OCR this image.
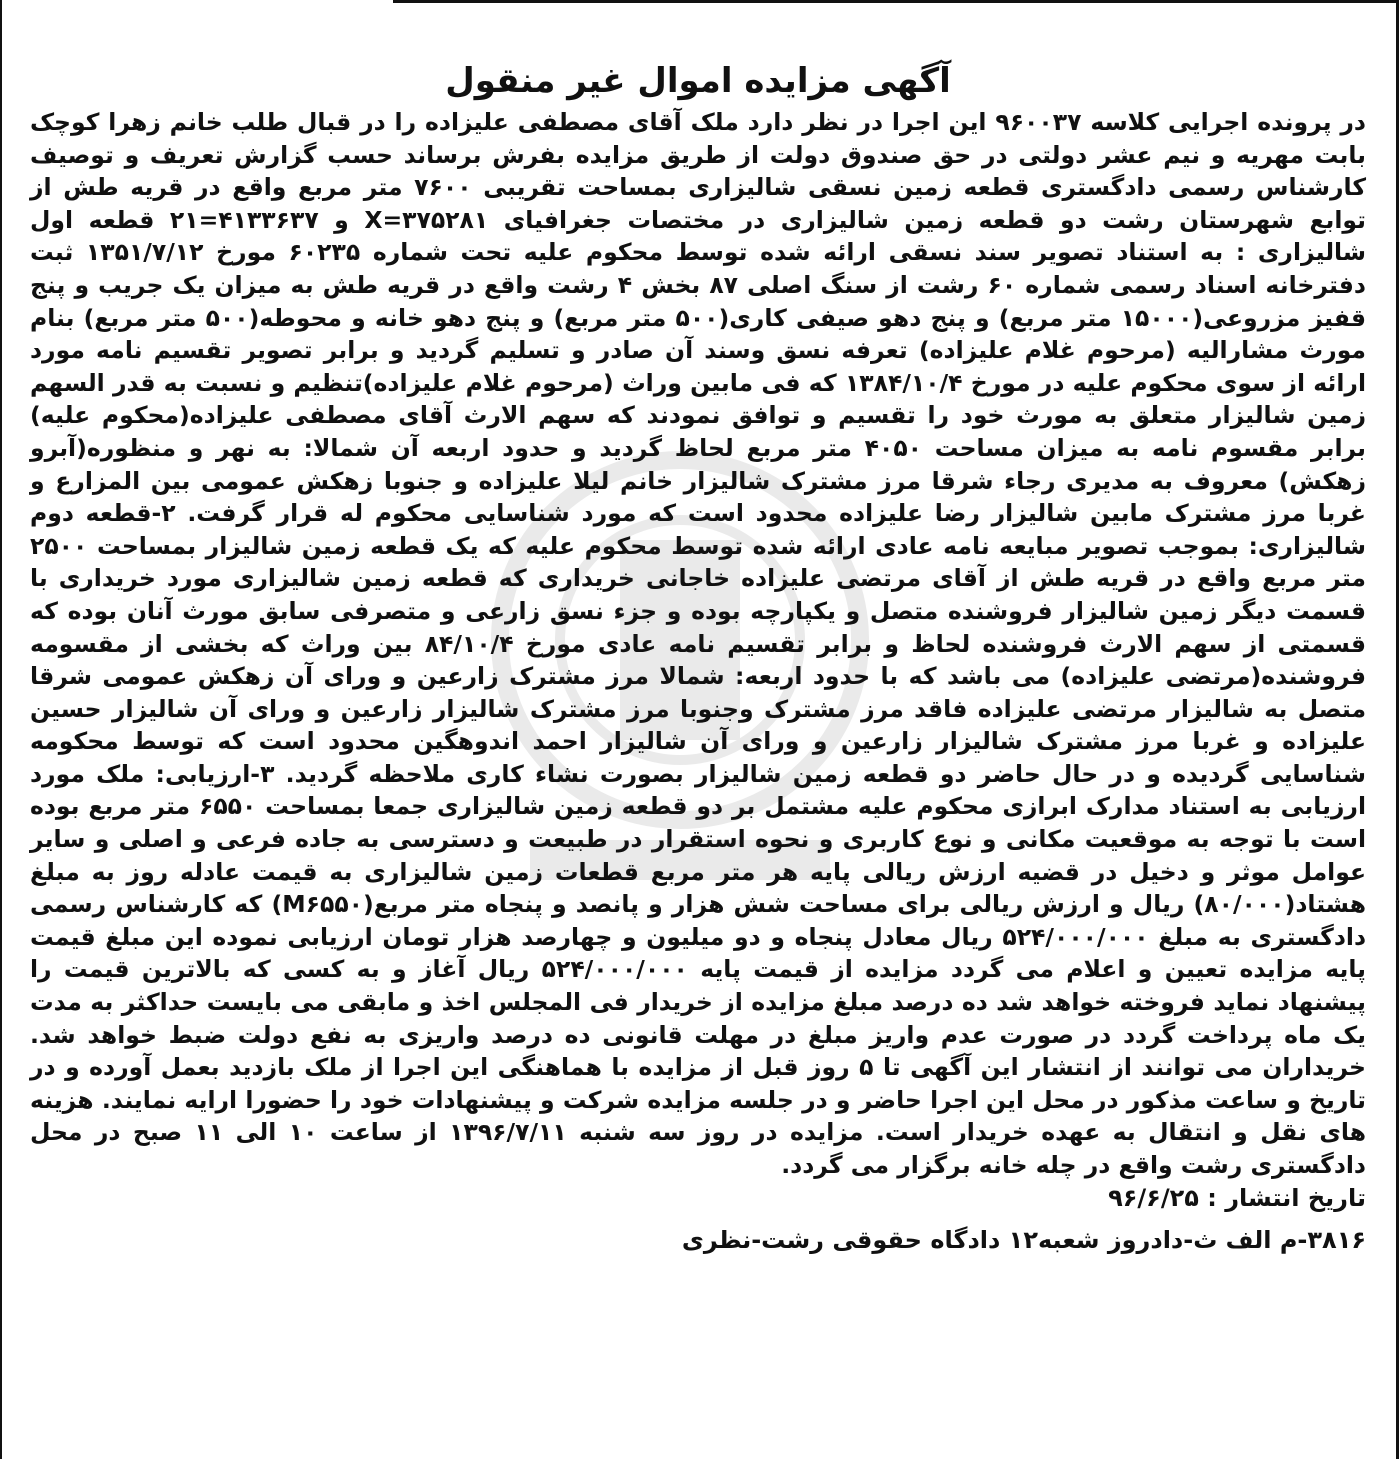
آگهی مزایده اموال غیر منقول

در پرونده اجرایی کلاسه ۹۶۰۰۳۷ این اجرا در نظر دارد ملک آقای مصطفی علیزاده را در قبال طلب خانم زهرا کوچک بابت مهریه و نیم عشر دولتی در حق صندوق دولت از طریق مزایده بفرش برساند حسب گزارش تعریف و توصیف کارشناس رسمی دادگستری قطعه زمین نسقی شالیزاری بمساحت تقریبی ۷۶۰۰ متر مربع واقع در قریه طش از توابع شهرستان رشت دو قطعه زمین شالیزاری در مختصات جغرافیای ۳۷۵۲۸۱=X و ۴۱۳۳۶۳۷=۲۱ قطعه اول شالیزاری : به استناد تصویر سند نسقی ارائه شده توسط محکوم علیه تحت شماره ۶۰۲۳۵ مورخ ۱۳۵۱/۷/۱۲ ثبت دفترخانه اسناد رسمی شماره ۶۰ رشت از سنگ اصلی ۸۷ بخش ۴ رشت واقع در قریه طش به میزان یک جریب و پنج قفیز مزروعی(۱۵۰۰۰ متر مربع) و پنج دهو صیفی کاری(۵۰۰ متر مربع) و پنج دهو خانه و محوطه(۵۰۰ متر مربع) بنام مورث مشارالیه (مرحوم غلام علیزاده) تعرفه نسق وسند آن صادر و تسلیم گردید و برابر تصویر تقسیم نامه مورد ارائه از سوی محکوم علیه در مورخ ۱۳۸۴/۱۰/۴ که فی مابین وراث (مرحوم غلام علیزاده)تنظیم و نسبت به قدر السهم زمین شالیزار متعلق به مورث خود را تقسیم و توافق نمودند که سهم الارث آقای مصطفی علیزاده(محکوم علیه) برابر مقسوم نامه به میزان مساحت ۴۰۵۰ متر مربع لحاظ گردید و حدود اربعه آن شمالا: به نهر و منظوره(آبرو زهکش) معروف به مدیری رجاء شرقا مرز مشترک شالیزار خانم لیلا علیزاده و جنوبا زهکش عمومی بین المزارع و غربا مرز مشترک مابین شالیزار رضا علیزاده محدود است که مورد شناسایی محکوم له قرار گرفت. ۲-قطعه دوم شالیزاری: بموجب تصویر مبایعه نامه عادی ارائه شده توسط محکوم علیه که یک قطعه زمین شالیزار بمساحت ۲۵۰۰ متر مربع واقع در قریه طش از آقای مرتضی علیزاده خاجانی خریداری که قطعه زمین شالیزاری مورد خریداری با قسمت دیگر زمین شالیزار فروشنده متصل و یکپارچه بوده و جزء نسق زارعی و متصرفی سابق مورث آنان بوده که قسمتی از سهم الارث فروشنده لحاظ و برابر تقسیم نامه عادی مورخ ۸۴/۱۰/۴ بین وراث که بخشی از مقسومه فروشنده(مرتضی علیزاده) می باشد که با حدود اربعه: شمالا مرز مشترک زارعین و ورای آن زهکش عمومی شرقا متصل به شالیزار مرتضی علیزاده فاقد مرز مشترک وجنوبا مرز مشترک شالیزار زارعین و ورای آن شالیزار حسین علیزاده و غربا مرز مشترک شالیزار زارعین و ورای آن شالیزار احمد اندوهگین محدود است که توسط محکومه شناسایی گردیده و در حال حاضر دو قطعه زمین شالیزار بصورت نشاء کاری ملاحظه گردید. ۳-ارزیابی: ملک مورد ارزیابی به استناد مدارک ابرازی محکوم علیه مشتمل بر دو قطعه زمین شالیزاری جمعا بمساحت ۶۵۵۰ متر مربع بوده است با توجه به موقعیت مکانی و نوع کاربری و نحوه استقرار در طبیعت و دسترسی به جاده فرعی و اصلی و سایر عوامل موثر و دخیل در قضیه ارزش ریالی پایه هر متر مربع قطعات زمین شالیزاری به قیمت عادله روز به مبلغ هشتاد(۸۰/۰۰۰) ریال و ارزش ریالی برای مساحت شش هزار و پانصد و پنجاه متر مربع(M۶۵۵۰) که کارشناس رسمی دادگستری به مبلغ ۵۲۴/۰۰۰/۰۰۰ ریال معادل پنجاه و دو میلیون و چهارصد هزار تومان ارزیابی نموده این مبلغ قیمت پایه مزایده تعیین و اعلام می گردد مزایده از قیمت پایه ۵۲۴/۰۰۰/۰۰۰ ریال آغاز و به کسی که بالاترین قیمت را پیشنهاد نماید فروخته خواهد شد ده درصد مبلغ مزایده از خریدار فی المجلس اخذ و مابقی می بایست حداکثر به مدت یک ماه پرداخت گردد در صورت عدم واریز مبلغ در مهلت قانونی ده درصد واریزی به نفع دولت ضبط خواهد شد. خریداران می توانند از انتشار این آگهی تا ۵ روز قبل از مزایده با هماهنگی این اجرا از ملک بازدید بعمل آورده و در تاریخ و ساعت مذکور در محل این اجرا حاضر و در جلسه مزایده شرکت و پیشنهادات خود را حضورا ارایه نمایند. هزینه های نقل و انتقال به عهده خریدار است. مزایده در روز سه شنبه ۱۳۹۶/۷/۱۱ از ساعت ۱۰ الی ۱۱ صبح در محل دادگستری رشت واقع در چله خانه برگزار می گردد.

تاریخ انتشار : ۹۶/۶/۲۵
۳۸۱۶-م الف ث-دادروز شعبه۱۲ دادگاه حقوقی رشت-نظری
